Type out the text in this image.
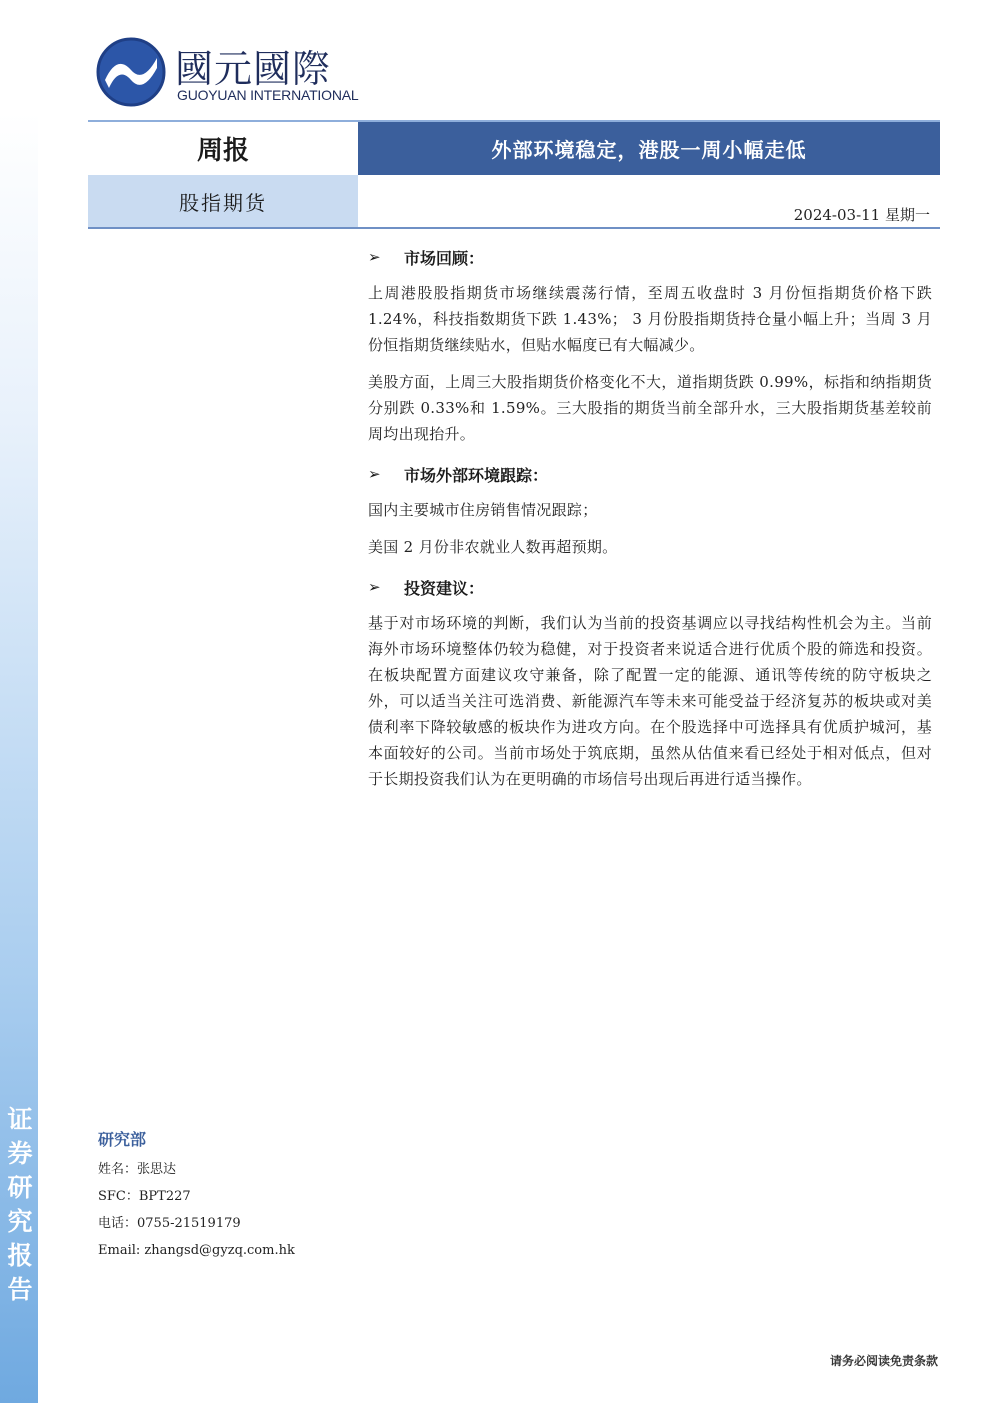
证
券
研
究
报
告
國元國際
GUOYUAN INTERNATIONAL
周报	外部环境稳定，港股一周小幅走低
股指期货
2024-03-11 星期一
➢	市场回顾：

上周港股股指期货市场继续震荡行情，至周五收盘时 3 月份恒指期货价格下跌 1.24%，科技指数期货下跌 1.43%； 3 月份股指期货持仓量小幅上升；当周 3 月份恒指期货继续贴水，但贴水幅度已有大幅减少。

美股方面，上周三大股指期货价格变化不大，道指期货跌 0.99%，标指和纳指期货分别跌 0.33%和 1.59%。三大股指的期货当前全部升水，三大股指期货基差较前周均出现抬升。

➢	市场外部环境跟踪：

国内主要城市住房销售情况跟踪；

美国 2 月份非农就业人数再超预期。

➢	投资建议：

基于对市场环境的判断，我们认为当前的投资基调应以寻找结构性机会为主。当前海外市场环境整体仍较为稳健，对于投资者来说适合进行优质个股的筛选和投资。在板块配置方面建议攻守兼备，除了配置一定的能源、通讯等传统的防守板块之外，可以适当关注可选消费、新能源汽车等未来可能受益于经济复苏的板块或对美债利率下降较敏感的板块作为进攻方向。在个股选择中可选择具有优质护城河，基本面较好的公司。当前市场处于筑底期，虽然从估值来看已经处于相对低点，但对于长期投资我们认为在更明确的市场信号出现后再进行适当操作。

研究部
姓名：张思达
SFC：BPT227
电话：0755-21519179
Email: zhangsd@gyzq.com.hk
请务必阅读免责条款
